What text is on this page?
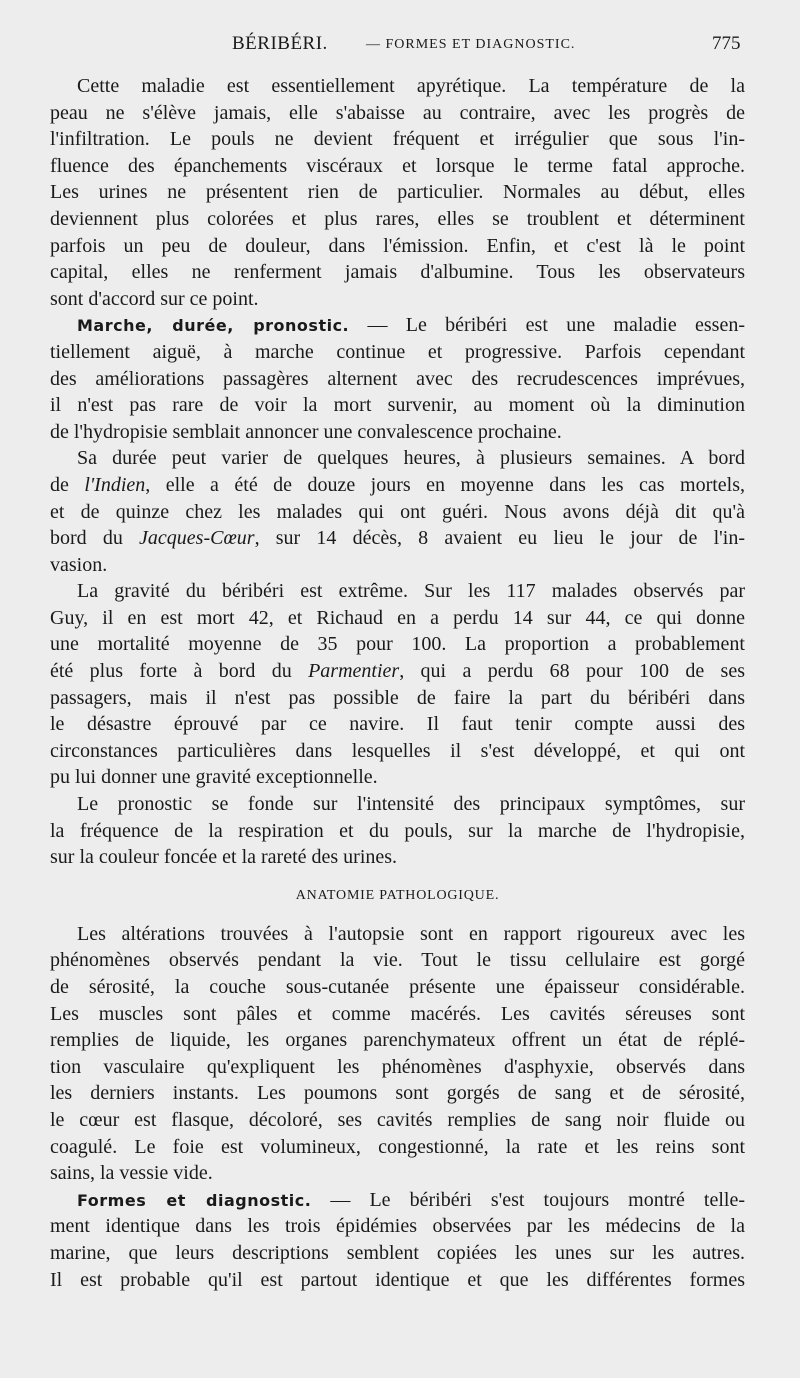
BÉRIBÉRI.	— FORMES ET DIAGNOSTIC.	775
Cette maladie est essentiellement apyrétique. La température de la
peau ne s'élève jamais, elle s'abaisse au contraire, avec les progrès de
l'infiltration. Le pouls ne devient fréquent et irrégulier que sous l'in-
fluence des épanchements viscéraux et lorsque le terme fatal approche.
Les urines ne présentent rien de particulier. Normales au début, elles
deviennent plus colorées et plus rares, elles se troublent et déterminent
parfois un peu de douleur, dans l'émission. Enfin, et c'est là le point
capital, elles ne renferment jamais d'albumine. Tous les observateurs
sont d'accord sur ce point.
Marche, durée, pronostic. — Le béribéri est une maladie essen-
tiellement aiguë, à marche continue et progressive. Parfois cependant
des améliorations passagères alternent avec des recrudescences imprévues,
il n'est pas rare de voir la mort survenir, au moment où la diminution
de l'hydropisie semblait annoncer une convalescence prochaine.
Sa durée peut varier de quelques heures, à plusieurs semaines. A bord
de l'Indien, elle a été de douze jours en moyenne dans les cas mortels,
et de quinze chez les malades qui ont guéri. Nous avons déjà dit qu'à
bord du Jacques-Cœur, sur 14 décès, 8 avaient eu lieu le jour de l'in-
vasion.
La gravité du béribéri est extrême. Sur les 117 malades observés par
Guy, il en est mort 42, et Richaud en a perdu 14 sur 44, ce qui donne
une mortalité moyenne de 35 pour 100. La proportion a probablement
été plus forte à bord du Parmentier, qui a perdu 68 pour 100 de ses
passagers, mais il n'est pas possible de faire la part du béribéri dans
le désastre éprouvé par ce navire. Il faut tenir compte aussi des
circonstances particulières dans lesquelles il s'est développé, et qui ont
pu lui donner une gravité exceptionnelle.
Le pronostic se fonde sur l'intensité des principaux symptômes, sur
la fréquence de la respiration et du pouls, sur la marche de l'hydropisie,
sur la couleur foncée et la rareté des urines.
ANATOMIE PATHOLOGIQUE.
Les altérations trouvées à l'autopsie sont en rapport rigoureux avec les
phénomènes observés pendant la vie. Tout le tissu cellulaire est gorgé
de sérosité, la couche sous-cutanée présente une épaisseur considérable.
Les muscles sont pâles et comme macérés. Les cavités séreuses sont
remplies de liquide, les organes parenchymateux offrent un état de réplé-
tion vasculaire qu'expliquent les phénomènes d'asphyxie, observés dans
les derniers instants. Les poumons sont gorgés de sang et de sérosité,
le cœur est flasque, décoloré, ses cavités remplies de sang noir fluide ou
coagulé. Le foie est volumineux, congestionné, la rate et les reins sont
sains, la vessie vide.
Formes et diagnostic. — Le béribéri s'est toujours montré telle-
ment identique dans les trois épidémies observées par les médecins de la
marine, que leurs descriptions semblent copiées les unes sur les autres.
Il est probable qu'il est partout identique et que les différentes formes
